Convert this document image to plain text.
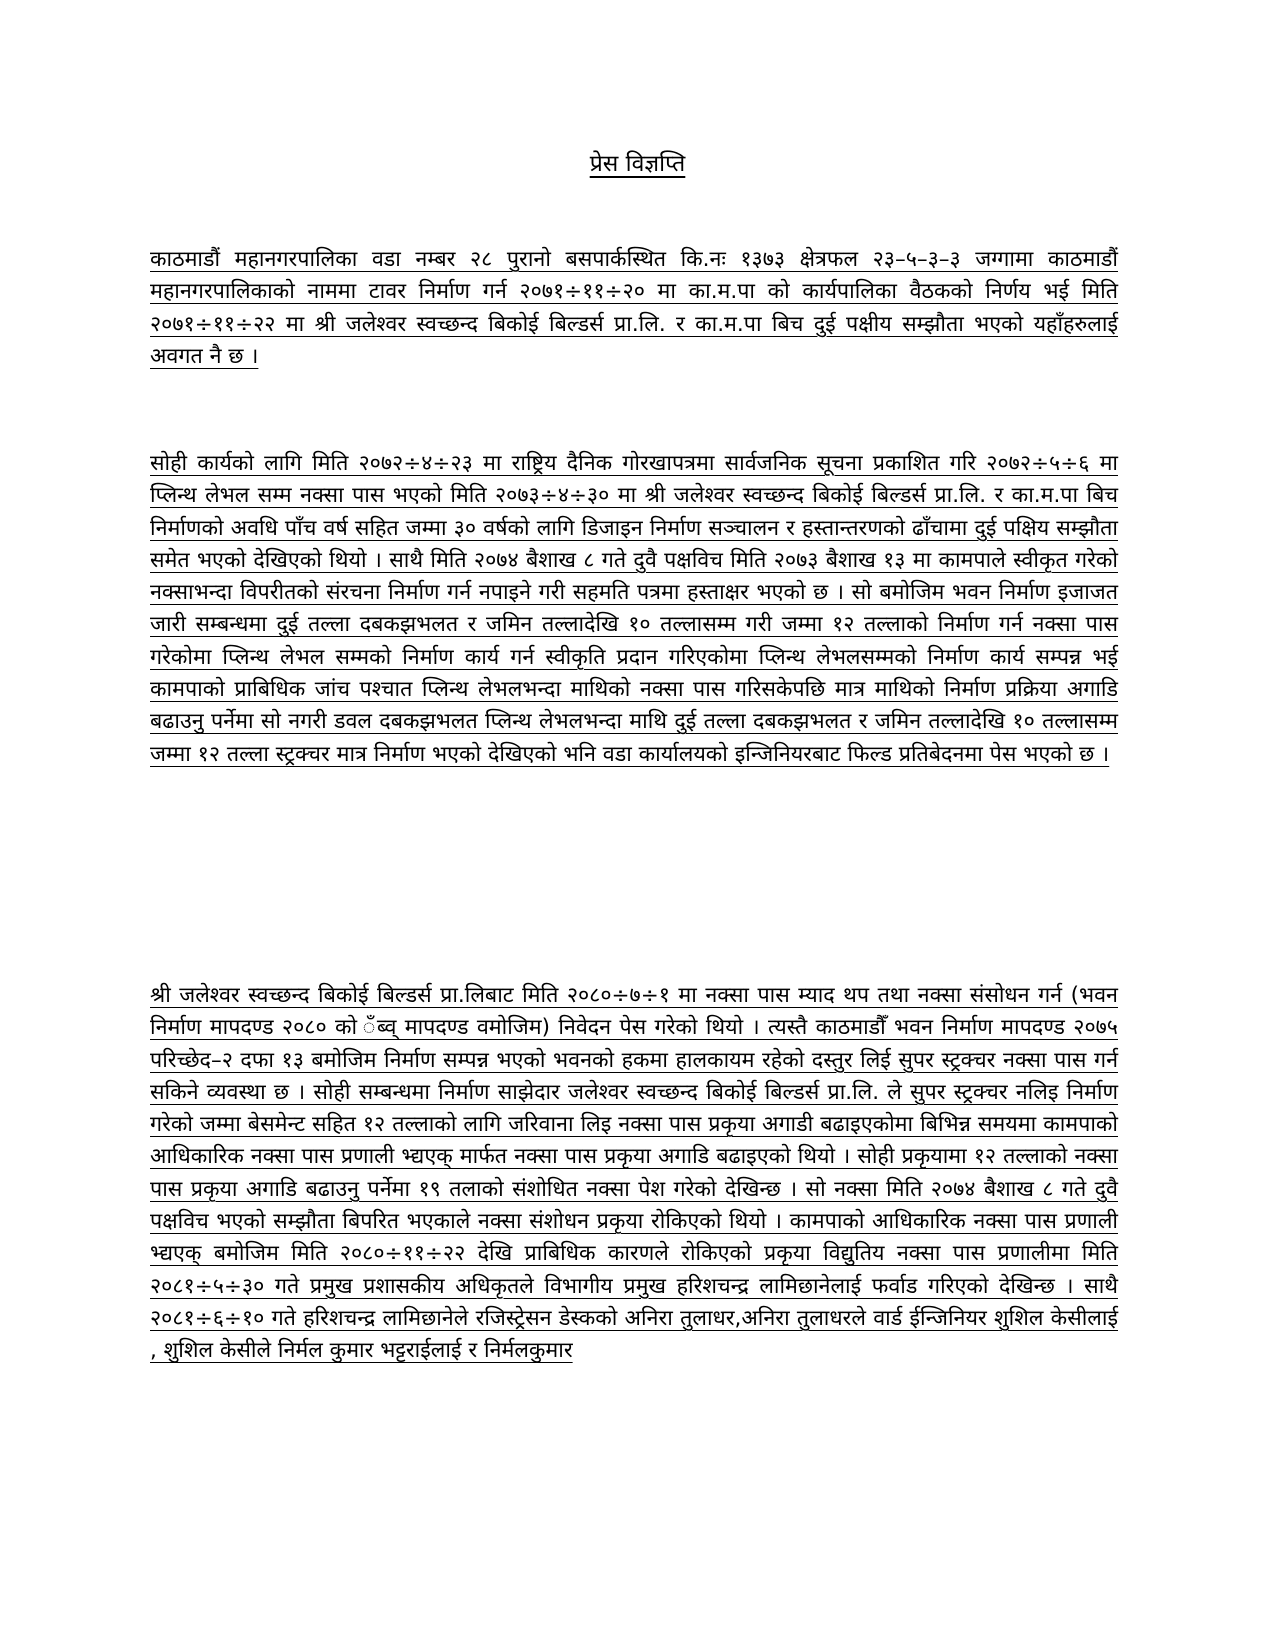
प्रेस विज्ञप्ति

काठमाडौं महानगरपालिका वडा नम्बर २८ पुरानो बसपार्कस्थित कि.नः १३७३ क्षेत्रफल २३–५–३–३ जग्गामा काठमाडौं महानगरपालिकाको नाममा टावर निर्माण गर्न २०७१÷११÷२० मा का.म.पा को कार्यपालिका वैठकको निर्णय भई मिति २०७१÷११÷२२ मा श्री जलेश्वर स्वच्छन्द बिकोई बिल्डर्स प्रा.लि. र का.म.पा बिच दुई पक्षीय सम्झौता भएको यहाँहरुलाई अवगत नै छ ।

सोही कार्यको लागि मिति २०७२÷४÷२३ मा राष्ट्रिय दैनिक गोरखापत्रमा सार्वजनिक सूचना प्रकाशित गरि २०७२÷५÷६ मा प्लिन्थ लेभल सम्म नक्सा पास भएको मिति २०७३÷४÷३० मा श्री जलेश्वर स्वच्छन्द बिकोई बिल्डर्स प्रा.लि. र का.म.पा बिच निर्माणको अवधि पाँच वर्ष सहित जम्मा ३० वर्षको लागि डिजाइन निर्माण सञ्चालन र हस्तान्तरणको ढाँचामा दुई पक्षिय सम्झौता समेत भएको देखिएको थियो । साथै मिति २०७४ बैशाख ८ गते दुवै पक्षविच मिति २०७३ बैशाख १३ मा कामपाले स्वीकृत गरेको नक्साभन्दा विपरीतको संरचना निर्माण गर्न नपाइने गरी सहमति पत्रमा हस्ताक्षर भएको छ । सो बमोजिम भवन निर्माण इजाजत जारी सम्बन्धमा दुई तल्ला दबकझभलत र जमिन तल्लादेखि १० तल्लासम्म गरी जम्मा १२ तल्लाको निर्माण गर्न नक्सा पास गरेकोमा प्लिन्थ लेभल सम्मको निर्माण कार्य गर्न स्वीकृति प्रदान गरिएकोमा प्लिन्थ लेभलसम्मको निर्माण कार्य सम्पन्न भई कामपाको प्राबिधिक जांच पश्चात प्लिन्थ लेभलभन्दा माथिको नक्सा पास गरिसकेपछि मात्र माथिको निर्माण प्रक्रिया अगाडि बढाउनु पर्नेमा सो नगरी डवल दबकझभलत प्लिन्थ लेभलभन्दा माथि दुई तल्ला दबकझभलत र जमिन तल्लादेखि १० तल्लासम्म जम्मा १२ तल्ला स्ट्रक्चर मात्र निर्माण भएको देखिएको भनि वडा कार्यालयको इन्जिनियरबाट फिल्ड प्रतिबेदनमा पेस भएको छ ।

श्री जलेश्वर स्वच्छन्द बिकोई बिल्डर्स प्रा.लिबाट मिति २०८०÷७÷१ मा नक्सा पास म्याद थप तथा नक्सा संसोधन गर्न (भवन निर्माण मापदण्ड २०८० को ँब्व् मापदण्ड वमोजिम) निवेदन पेस गरेको थियो । त्यस्तै काठमाडौँ भवन निर्माण मापदण्ड २०७५ परिच्छेद–२ दफा १३ बमोजिम निर्माण सम्पन्न भएको भवनको हकमा हालकायम रहेको दस्तुर लिई सुपर स्ट्रक्चर नक्सा पास गर्न सकिने व्यवस्था छ । सोही सम्बन्धमा निर्माण साझेदार जलेश्वर स्वच्छन्द बिकोई बिल्डर्स प्रा.लि. ले सुपर स्ट्रक्चर नलिइ निर्माण गरेको जम्मा बेसमेन्ट सहित १२ तल्लाको लागि जरिवाना लिइ नक्सा पास प्रकृया अगाडी बढाइएकोमा बिभिन्न समयमा कामपाको आधिकारिक नक्सा पास प्रणाली भ्द्यएक् मार्फत नक्सा पास प्रकृया अगाडि बढाइएको थियो । सोही प्रकृयामा १२ तल्लाको नक्सा पास प्रकृया अगाडि बढाउनु पर्नेमा १९ तलाको संशोधित नक्सा पेश गरेको देखिन्छ । सो नक्सा मिति २०७४ बैशाख ८ गते दुवै पक्षविच भएको सम्झौता बिपरित भएकाले नक्सा संशोधन प्रकृया रोकिएको थियो । कामपाको आधिकारिक नक्सा पास प्रणाली भ्द्यएक् बमोजिम मिति २०८०÷११÷२२ देखि प्राबिधिक कारणले रोकिएको प्रकृया विद्युतिय नक्सा पास प्रणालीमा मिति २०८१÷५÷३० गते प्रमुख प्रशासकीय अधिकृतले विभागीय प्रमुख हरिशचन्द्र लामिछानेलाई फर्वाड गरिएको देखिन्छ । साथै २०८१÷६÷१० गते हरिशचन्द्र लामिछानेले रजिस्ट्रेसन डेस्कको अनिरा तुलाधर,अनिरा तुलाधरले वार्ड ईन्जिनियर शुशिल केसीलाई , शुशिल केसीले निर्मल कुमार भट्टराईलाई र निर्मलकुमार
